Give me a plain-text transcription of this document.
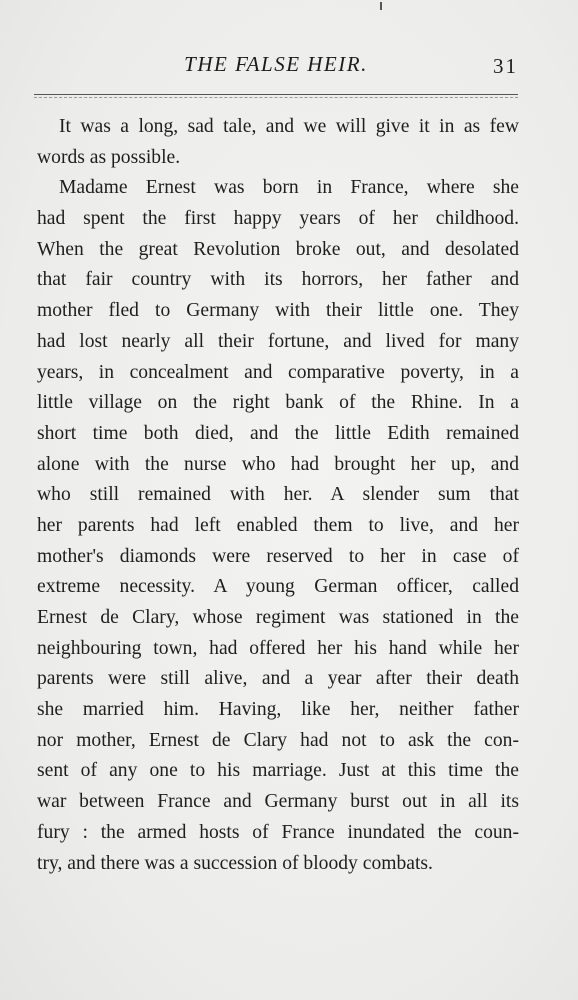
THE FALSE HEIR.	31
It was a long, sad tale, and we will give it in as few
words as possible.
Madame Ernest was born in France, where she
had spent the first happy years of her childhood.
When the great Revolution broke out, and desolated
that fair country with its horrors, her father and
mother fled to Germany with their little one. They
had lost nearly all their fortune, and lived for many
years, in concealment and comparative poverty, in a
little village on the right bank of the Rhine. In a
short time both died, and the little Edith remained
alone with the nurse who had brought her up, and
who still remained with her. A slender sum that
her parents had left enabled them to live, and her
mother's diamonds were reserved to her in case of
extreme necessity. A young German officer, called
Ernest de Clary, whose regiment was stationed in the
neighbouring town, had offered her his hand while her
parents were still alive, and a year after their death
she married him. Having, like her, neither father
nor mother, Ernest de Clary had not to ask the con-
sent of any one to his marriage. Just at this time the
war between France and Germany burst out in all its
fury : the armed hosts of France inundated the coun-
try, and there was a succession of bloody combats.
